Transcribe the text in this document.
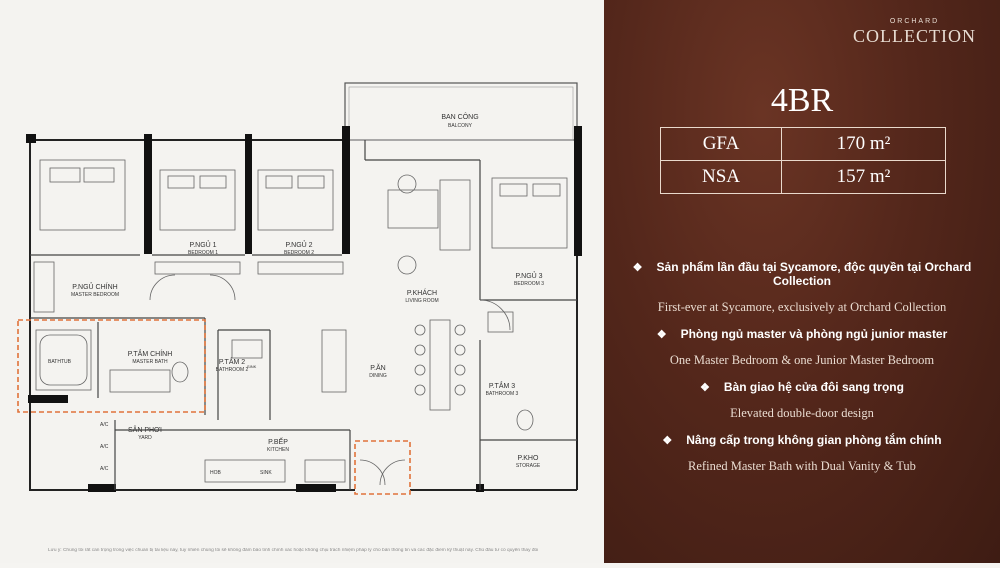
BAN CÔNG
BALCONY
P.NGỦ 1
BEDROOM 1
P.NGỦ 2
BEDROOM 2
P.NGỦ CHÍNH
MASTER BEDROOM	P.KHÁCH
LIVING ROOM
P.NGỦ 3
BEDROOM 3
P.TẮM CHÍNH
MASTER BATH	P.TẮM 2
BATHROOM 2	P.ĂN
DINING
P.TẮM 3
BATHROOM 3
SÂN PHƠI
YARD
P.BẾP
KITCHEN
P.KHO
STORAGE
BATHTUB
SINK
HOB	SINK
A/C
A/C
A/C
ORCHARD
COLLECTION
4BR
GFA	170 m²
NSA	157 m²
❖ Sản phẩm lần đầu tại Sycamore, độc quyền tại Orchard Collection
First-ever at Sycamore, exclusively at Orchard Collection
❖ Phòng ngủ master và phòng ngủ junior master
One Master Bedroom & one Junior Master Bedroom
❖ Bàn giao hệ cửa đôi sang trọng
Elevated double-door design
❖ Nâng cấp trong không gian phòng tắm chính
Refined Master Bath with Dual Vanity & Tub
Lưu ý: Chúng tôi rất cẩn trọng trong việc chuẩn bị tài liệu này, tuy nhiên chúng tôi sẽ không đảm bảo tính chính xác hoặc không chịu trách nhiệm pháp lý cho bản thông tin và các đặc điểm kỹ thuật này. Chủ đầu tư có quyền thay đổi
